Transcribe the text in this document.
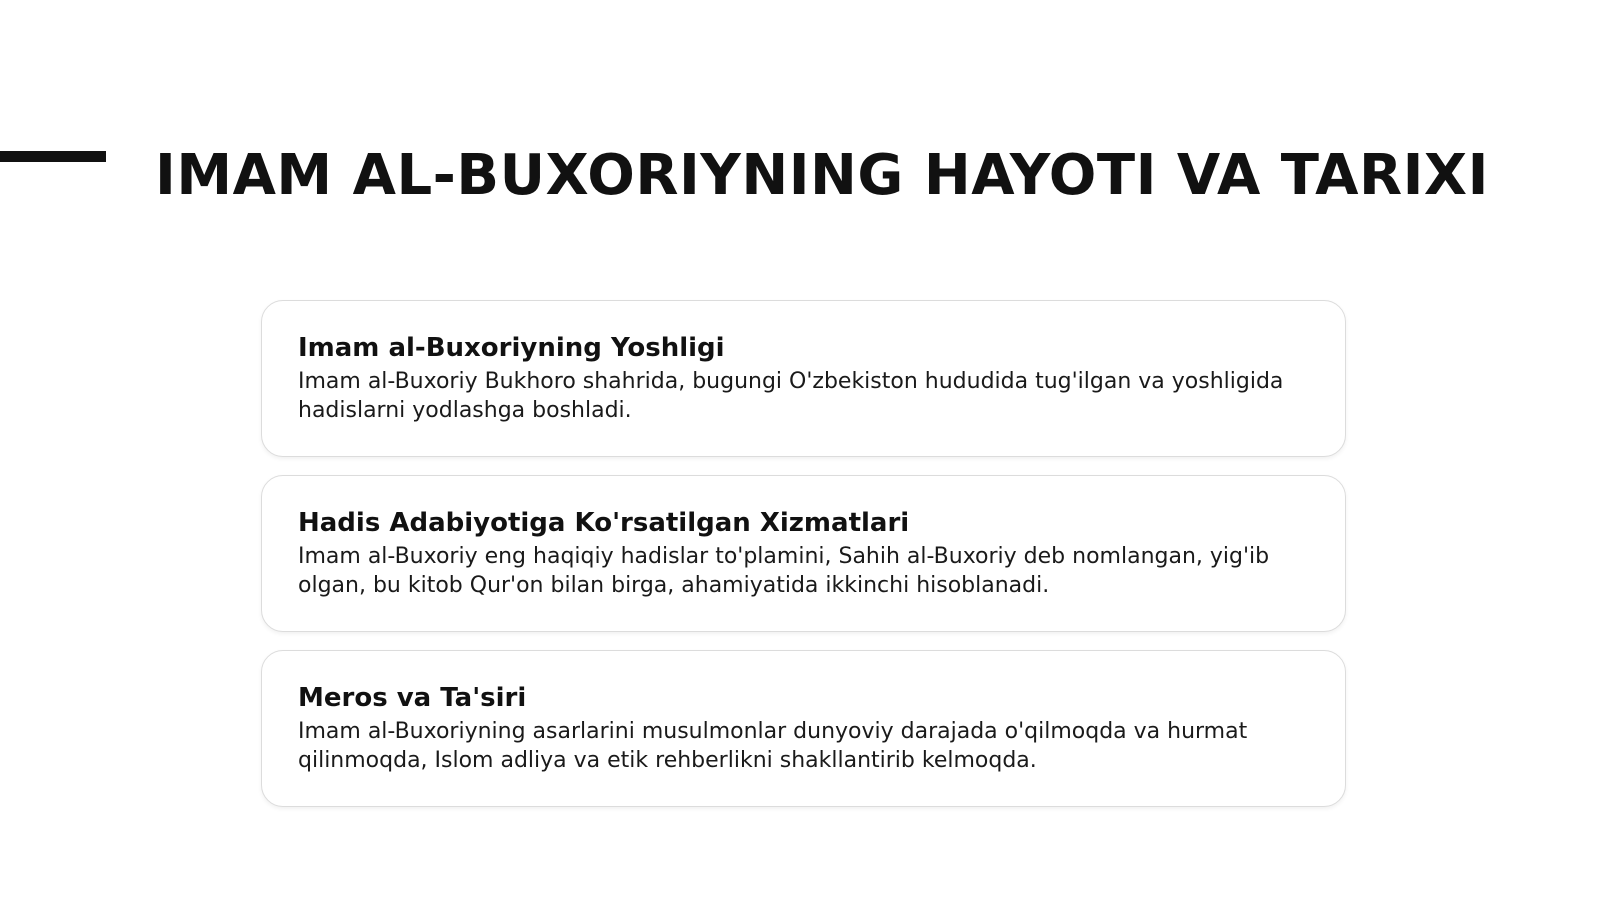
IMAM AL-BUXORIYNING HAYOTI VA TARIXI
Imam al-Buxoriyning Yoshligi

Imam al-Buxoriy Bukhoro shahrida, bugungi O'zbekiston hududida tug'ilgan va yoshligida hadislarni yodlashga boshladi.

Hadis Adabiyotiga Ko'rsatilgan Xizmatlari

Imam al-Buxoriy eng haqiqiy hadislar to'plamini, Sahih al-Buxoriy deb nomlangan, yig'ib olgan, bu kitob Qur'on bilan birga, ahamiyatida ikkinchi hisoblanadi.

Meros va Ta'siri

Imam al-Buxoriyning asarlarini musulmonlar dunyoviy darajada o'qilmoqda va hurmat qilinmoqda, Islom adliya va etik rehberlikni shakllantirib kelmoqda.
